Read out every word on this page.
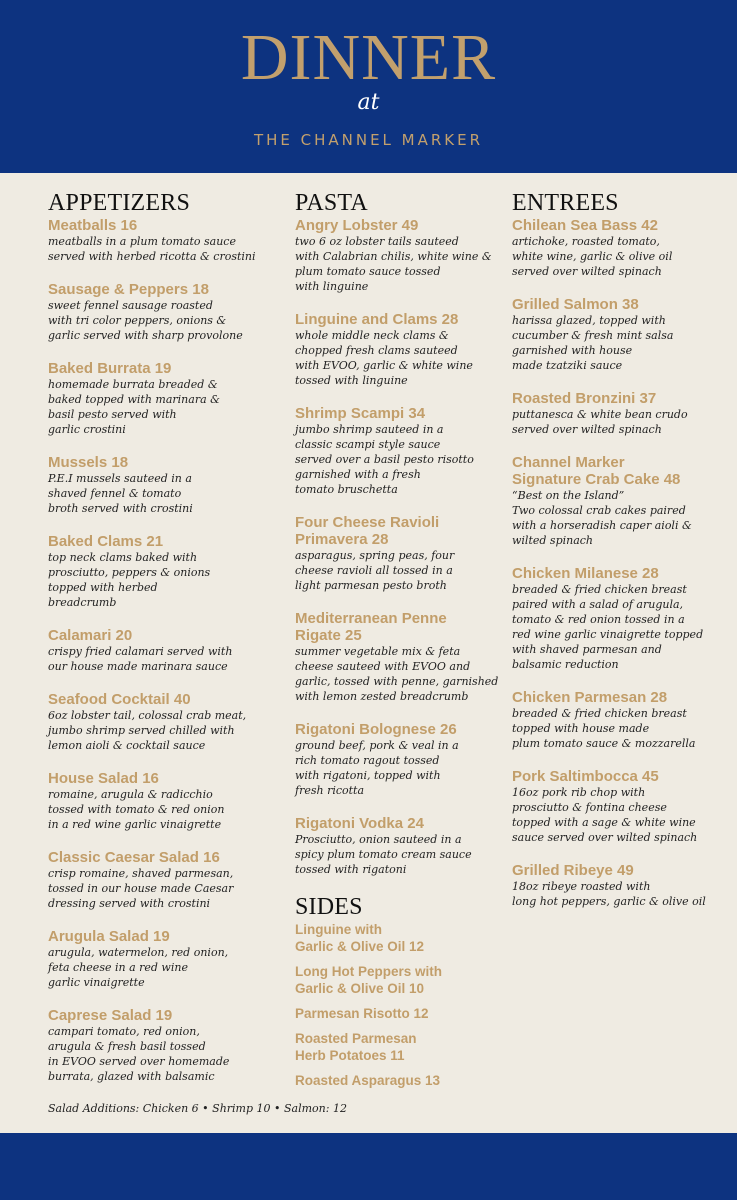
DINNER
at
THE CHANNEL MARKER
APPETIZERS
Meatballs 16
meatballs in a plum tomato sauce
served with herbed ricotta & crostini
Sausage & Peppers 18
sweet fennel sausage roasted
with tri color peppers, onions &
garlic served with sharp provolone
Baked Burrata 19
homemade burrata breaded &
baked topped with marinara &
basil pesto served with
garlic crostini
Mussels 18
P.E.I mussels sauteed in a
shaved fennel & tomato
broth served with crostini
Baked Clams 21
top neck clams baked with
prosciutto, peppers & onions
topped with herbed
breadcrumb
Calamari 20
crispy fried calamari served with
our house made marinara sauce
Seafood Cocktail 40
6oz lobster tail, colossal crab meat,
jumbo shrimp served chilled with
lemon aioli & cocktail sauce
House Salad 16
romaine, arugula & radicchio
tossed with tomato & red onion
in a red wine garlic vinaigrette
Classic Caesar Salad 16
crisp romaine, shaved parmesan,
tossed in our house made Caesar
dressing served with crostini
Arugula Salad 19
arugula, watermelon, red onion,
feta cheese in a red wine
garlic vinaigrette
Caprese Salad 19
campari tomato, red onion,
arugula & fresh basil tossed
in EVOO served over homemade
burrata, glazed with balsamic
PASTA
Angry Lobster 49
two 6 oz lobster tails sauteed
with Calabrian chilis, white wine &
plum tomato sauce tossed
with linguine
Linguine and Clams 28
whole middle neck clams &
chopped fresh clams sauteed
with EVOO, garlic & white wine
tossed with linguine
Shrimp Scampi 34
jumbo shrimp sauteed in a
classic scampi style sauce
served over a basil pesto risotto
garnished with a fresh
tomato bruschetta
Four Cheese Ravioli
Primavera 28
asparagus, spring peas, four
cheese ravioli all tossed in a
light parmesan pesto broth
Mediterranean Penne
Rigate 25
summer vegetable mix & feta
cheese sauteed with EVOO and
garlic, tossed with penne, garnished
with lemon zested breadcrumb
Rigatoni Bolognese 26
ground beef, pork & veal in a
rich tomato ragout tossed
with rigatoni, topped with
fresh ricotta
Rigatoni Vodka 24
Prosciutto, onion sauteed in a
spicy plum tomato cream sauce
tossed with rigatoni
SIDES
Linguine with
Garlic & Olive Oil 12
Long Hot Peppers with
Garlic & Olive Oil 10
Parmesan Risotto 12
Roasted Parmesan
Herb Potatoes 11
Roasted Asparagus 13
ENTREES
Chilean Sea Bass 42
artichoke, roasted tomato,
white wine, garlic & olive oil
served over wilted spinach
Grilled Salmon 38
harissa glazed, topped with
cucumber & fresh mint salsa
garnished with house
made tzatziki sauce
Roasted Bronzini 37
puttanesca & white bean crudo
served over wilted spinach
Channel Marker
Signature Crab Cake 48
“Best on the Island”
Two colossal crab cakes paired
with a horseradish caper aioli &
wilted spinach
Chicken Milanese 28
breaded & fried chicken breast
paired with a salad of arugula,
tomato & red onion tossed in a
red wine garlic vinaigrette topped
with shaved parmesan and
balsamic reduction
Chicken Parmesan 28
breaded & fried chicken breast
topped with house made
plum tomato sauce & mozzarella
Pork Saltimbocca 45
16oz pork rib chop with
prosciutto & fontina cheese
topped with a sage & white wine
sauce served over wilted spinach
Grilled Ribeye 49
18oz ribeye roasted with
long hot peppers, garlic & olive oil
Salad Additions: Chicken 6 • Shrimp 10 • Salmon: 12
